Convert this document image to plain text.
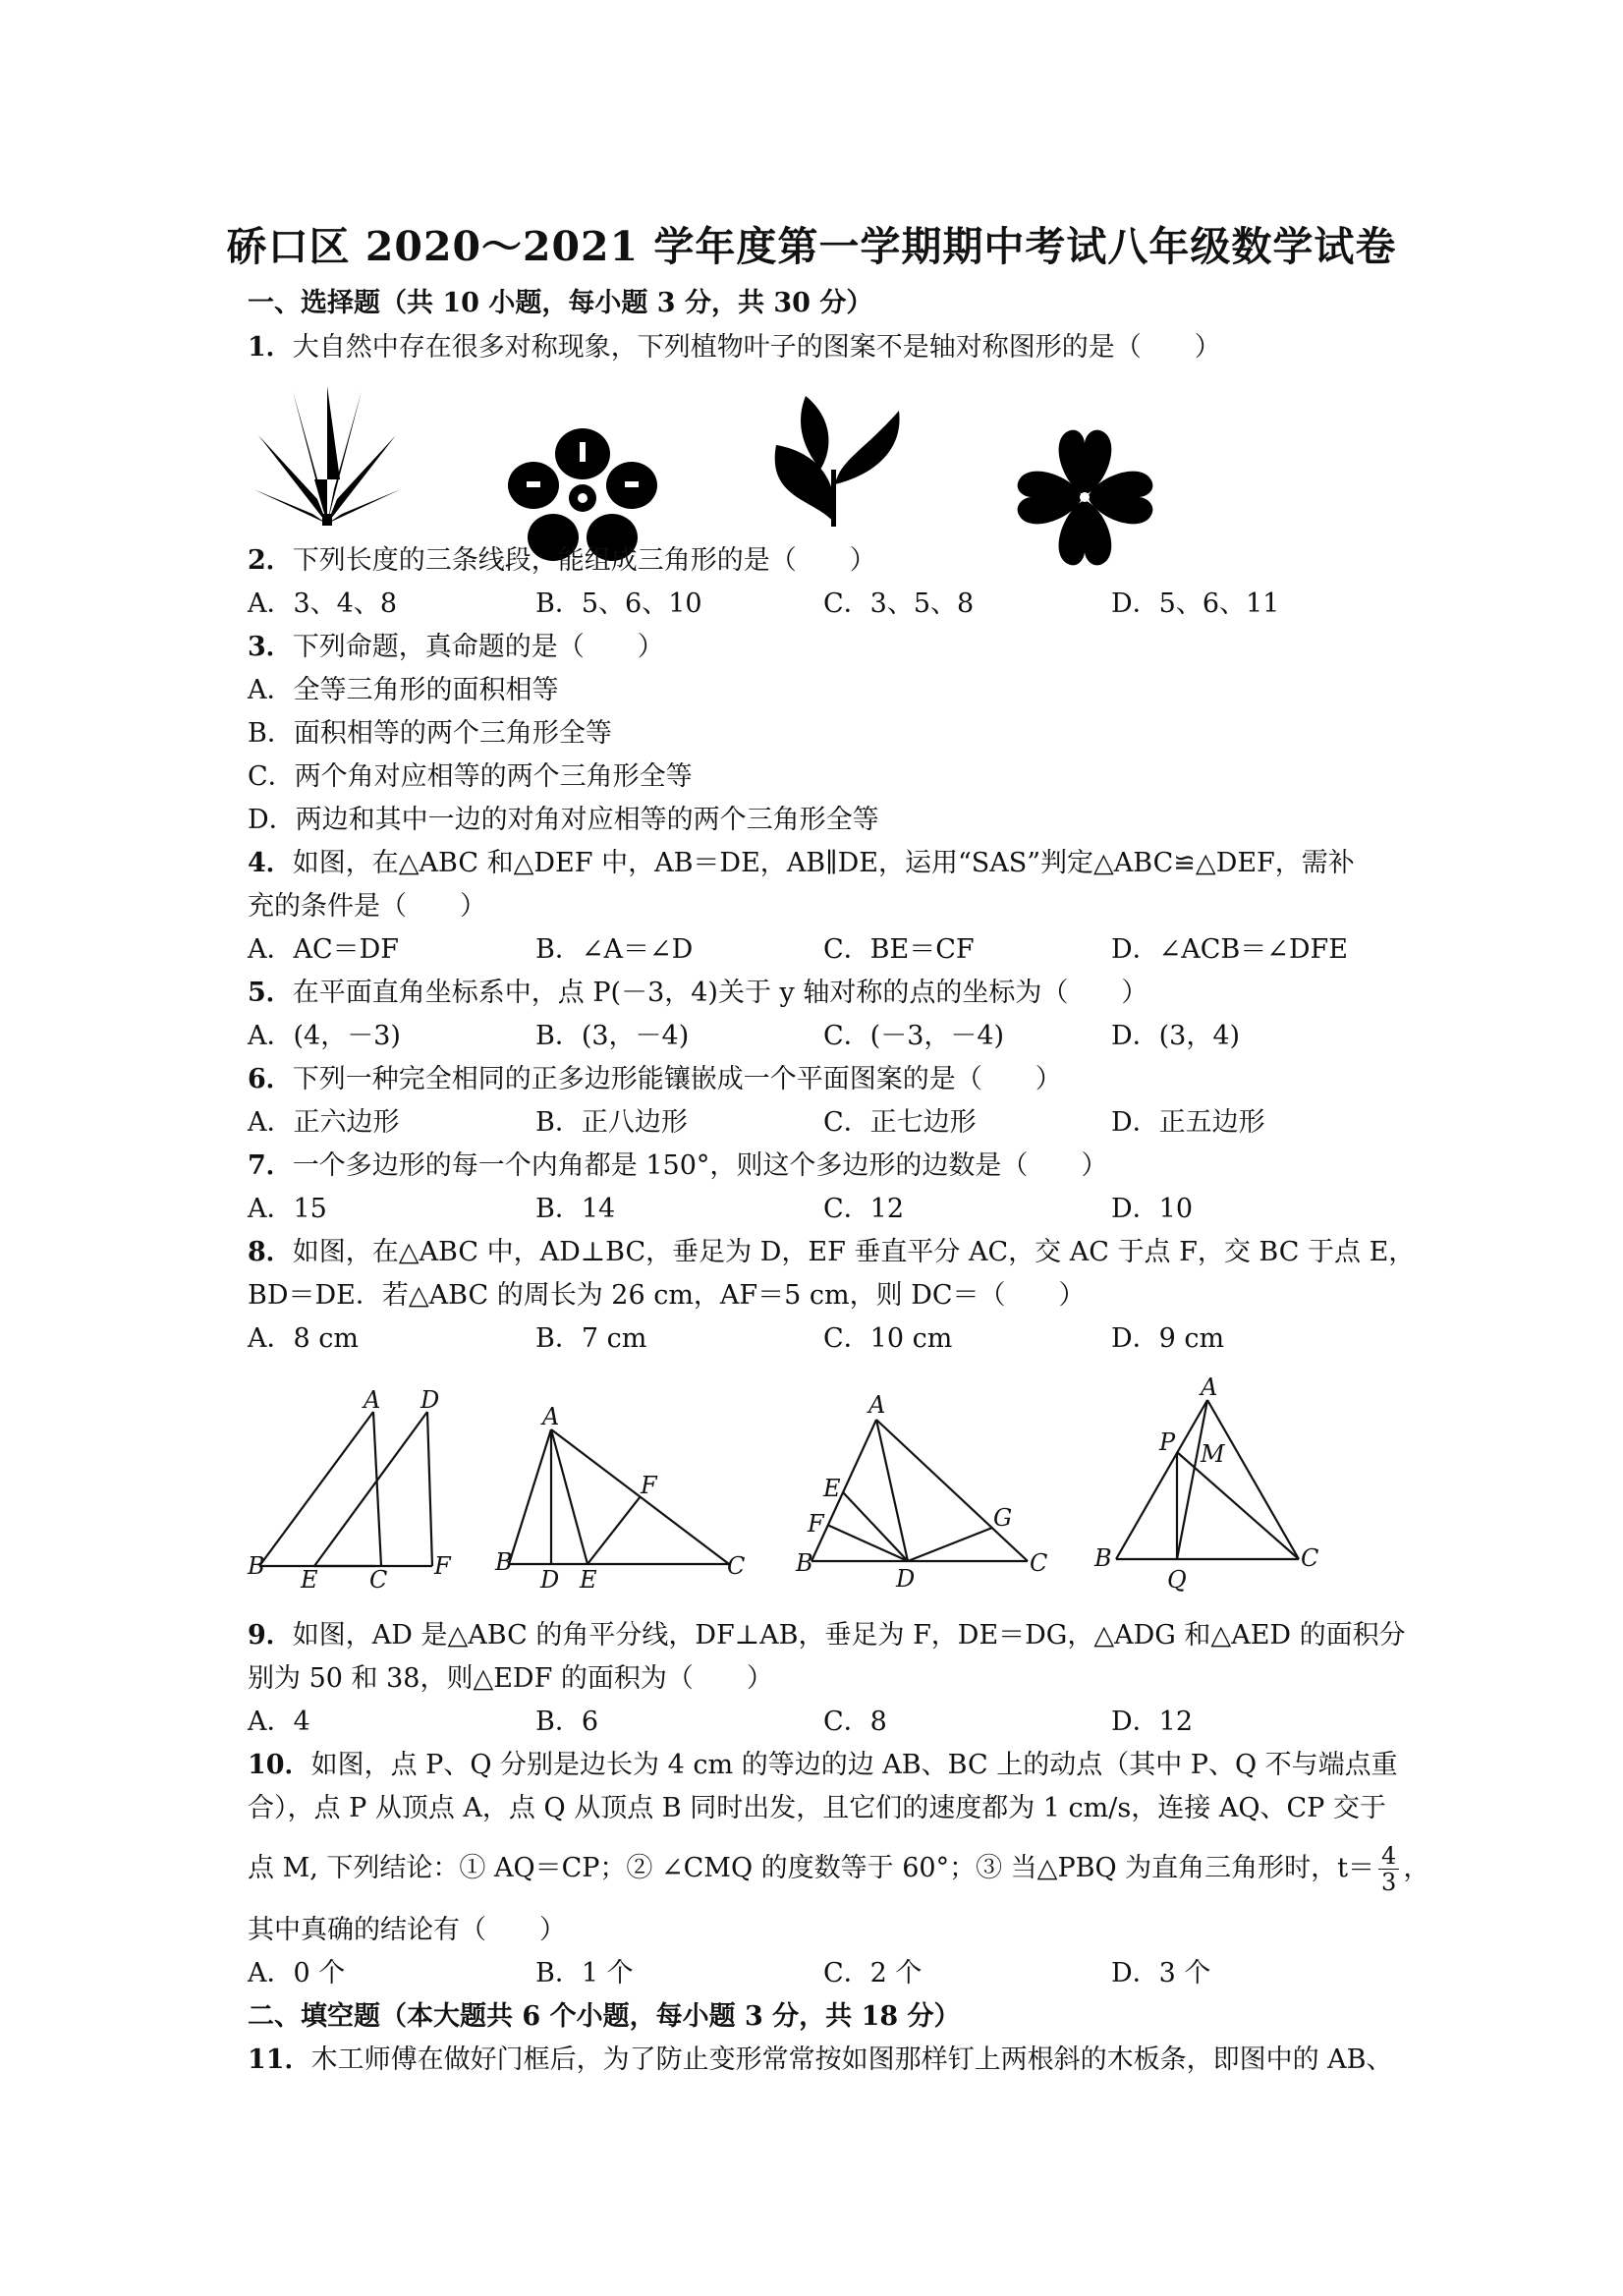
硚口区 2020～2021 学年度第一学期期中考试八年级数学试卷
一、选择题（共 10 小题，每小题 3 分，共 30 分）
1．大自然中存在很多对称现象，下列植物叶子的图案不是轴对称图形的是（　　）
2．下列长度的三条线段，能组成三角形的是（　　）
A．3、4、8	B．5、6、10	C．3、5、8	D．5、6、11
3．下列命题，真命题的是（　　）
A．全等三角形的面积相等
B．面积相等的两个三角形全等
C．两个角对应相等的两个三角形全等
D．两边和其中一边的对角对应相等的两个三角形全等
4．如图，在△ABC 和△DEF 中，AB＝DE，AB∥DE，运用“SAS”判定△ABC≌△DEF，需补
充的条件是（　　）
A．AC＝DF	B．∠A＝∠D	C．BE＝CF	D．∠ACB＝∠DFE
5．在平面直角坐标系中，点 P(－3，4)关于 y 轴对称的点的坐标为（　　）
A．(4，－3)	B．(3，－4)	C．(－3，－4)	D．(3，4)
6．下列一种完全相同的正多边形能镶嵌成一个平面图案的是（　　）
A．正六边形	B．正八边形	C．正七边形	D．正五边形
7．一个多边形的每一个内角都是 150°，则这个多边形的边数是（　　）
A．15	B．14	C．12	D．10
8．如图，在△ABC 中，AD⊥BC，垂足为 D，EF 垂直平分 AC，交 AC 于点 F，交 BC 于点 E，
BD＝DE．若△ABC 的周长为 26 cm，AF＝5 cm，则 DC＝（　　）
A．8 cm	B．7 cm	C．10 cm	D．9 cm
A D
B E C F
A
F
B
D E	C
A
E
F	G
B
D
C
A
P M
B
Q
C
9．如图，AD 是△ABC 的角平分线，DF⊥AB，垂足为 F，DE＝DG，△ADG 和△AED 的面积分
别为 50 和 38，则△EDF 的面积为（　　）
A．4	B．6	C．8	D．12
10．如图，点 P、Q 分别是边长为 4 cm 的等边的边 AB、BC 上的动点（其中 P、Q 不与端点重
合），点 P 从顶点 A，点 Q 从顶点 B 同时出发，且它们的速度都为 1 cm/s，连接 AQ、CP 交于
点 M, 下列结论：① AQ＝CP；② ∠CMQ 的度数等于 60°；③ 当△PBQ 为直角三角形时，$t= \frac{4}{3}$ ，
其中真确的结论有（　　）
A．0 个	B．1 个	C．2 个	D．3 个
二、填空题（本大题共 6 个小题，每小题 3 分，共 18 分）
11．木工师傅在做好门框后，为了防止变形常常按如图那样钉上两根斜的木板条，即图中的 AB、
